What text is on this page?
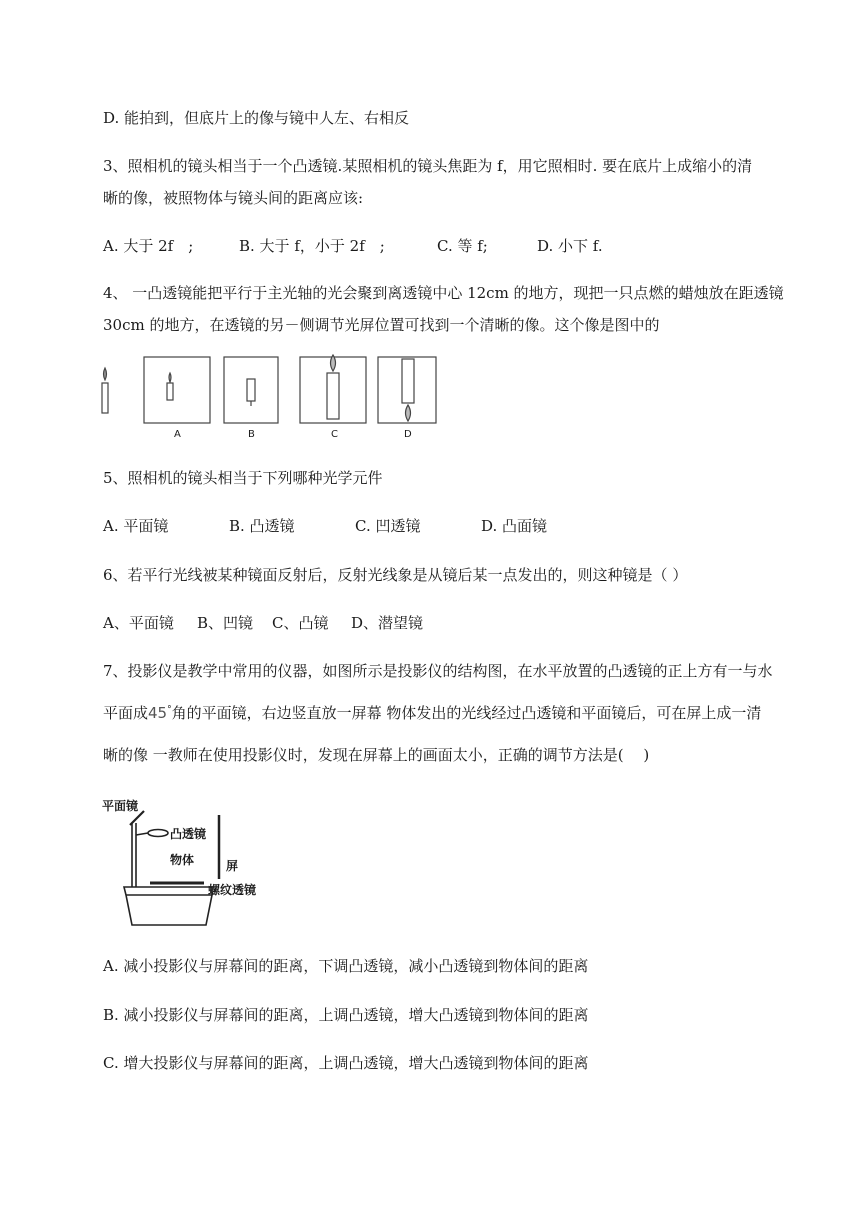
D. 能拍到，但底片上的像与镜中人左、右相反
3、照相机的镜头相当于一个凸透镜.某照相机的镜头焦距为 f，用它照相时. 要在底片上成缩小的清
晰的像，被照物体与镜头间的距离应该:
A. 大于 2f　;	B. 大于 f，小于 2f　;	C. 等 f;	D. 小下 f.
4、 一凸透镜能把平行于主光轴的光会聚到离透镜中心 12cm 的地方，现把一只点燃的蜡烛放在距透镜
30cm 的地方，在透镜的另－侧调节光屏位置可找到一个清晰的像。这个像是图中的
A	B	C	D
5、照相机的镜头相当于下列哪种光学元件
A. 平面镜	B. 凸透镜	C. 凹透镜	D. 凸面镜
6、若平行光线被某种镜面反射后，反射光线象是从镜后某一点发出的，则这种镜是（ ）
A、平面镜 B、凹镜 C、凸镜 D、潜望镜
7、投影仪是教学中常用的仪器，如图所示是投影仪的结构图，在水平放置的凸透镜的正上方有一与水
平面成45°角的平面镜，右边竖直放一屏幕 物体发出的光线经过凸透镜和平面镜后，可在屏上成一清
晰的像 一教师在使用投影仪时，发现在屏幕上的画面太小，正确的调节方法是(　 )
平面镜
凸透镜
物体	屏
螺纹透镜
A. 减小投影仪与屏幕间的距离，下调凸透镜，减小凸透镜到物体间的距离
B. 减小投影仪与屏幕间的距离，上调凸透镜，增大凸透镜到物体间的距离
C. 增大投影仪与屏幕间的距离，上调凸透镜，增大凸透镜到物体间的距离
